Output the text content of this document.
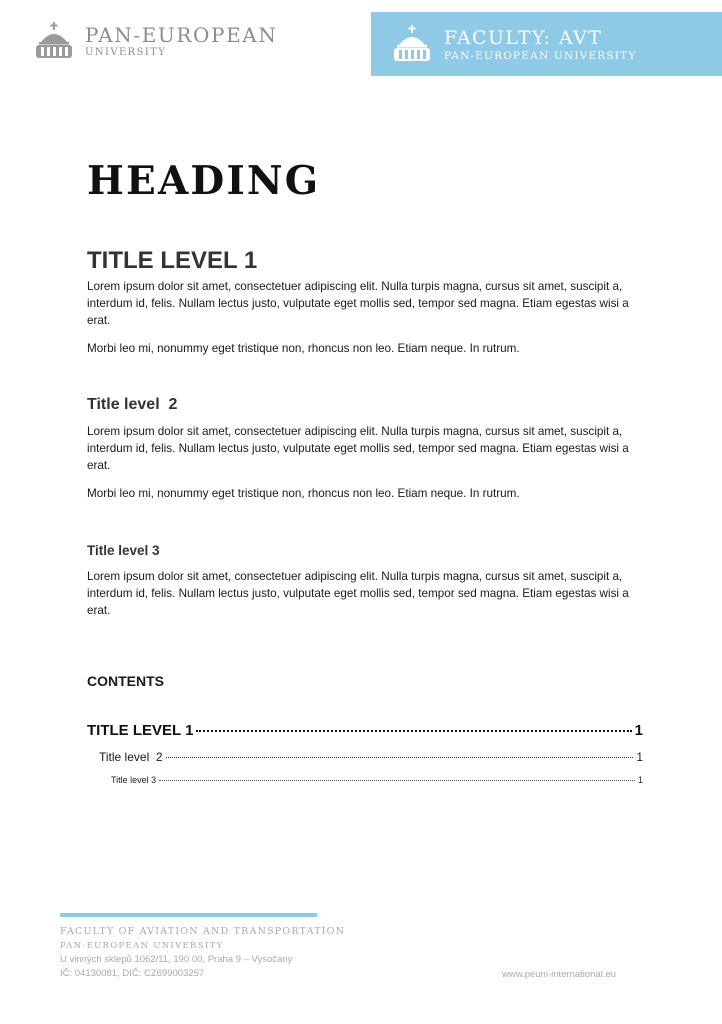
PAN-EUROPEAN
UNIVERSITY
FACULTY: AVT
PAN-EUROPEAN UNIVERSITY
HEADING
TITLE LEVEL 1

Lorem ipsum dolor sit amet, consectetuer adipiscing elit. Nulla turpis magna, cursus sit amet, suscipit a, interdum id, felis. Nullam lectus justo, vulputate eget mollis sed, tempor sed magna. Etiam egestas wisi a erat.

Morbi leo mi, nonummy eget tristique non, rhoncus non leo. Etiam neque. In rutrum.

Title level  2

Lorem ipsum dolor sit amet, consectetuer adipiscing elit. Nulla turpis magna, cursus sit amet, suscipit a, interdum id, felis. Nullam lectus justo, vulputate eget mollis sed, tempor sed magna. Etiam egestas wisi a erat.

Morbi leo mi, nonummy eget tristique non, rhoncus non leo. Etiam neque. In rutrum.

Title level 3

Lorem ipsum dolor sit amet, consectetuer adipiscing elit. Nulla turpis magna, cursus sit amet, suscipit a, interdum id, felis. Nullam lectus justo, vulputate eget mollis sed, tempor sed magna. Etiam egestas wisi a erat.

CONTENTS
TITLE LEVEL 1	1
Title level  2	1
Title level 3	1
FACULTY OF AVIATION AND TRANSPORTATION
PAN-EUROPEAN UNIVERSITY
U vinných sklepů 1062/11, 190 00, Praha 9 – Vysočany
IČ: 04130081, DIČ: CZ699003257	www.peuni-international.eu
